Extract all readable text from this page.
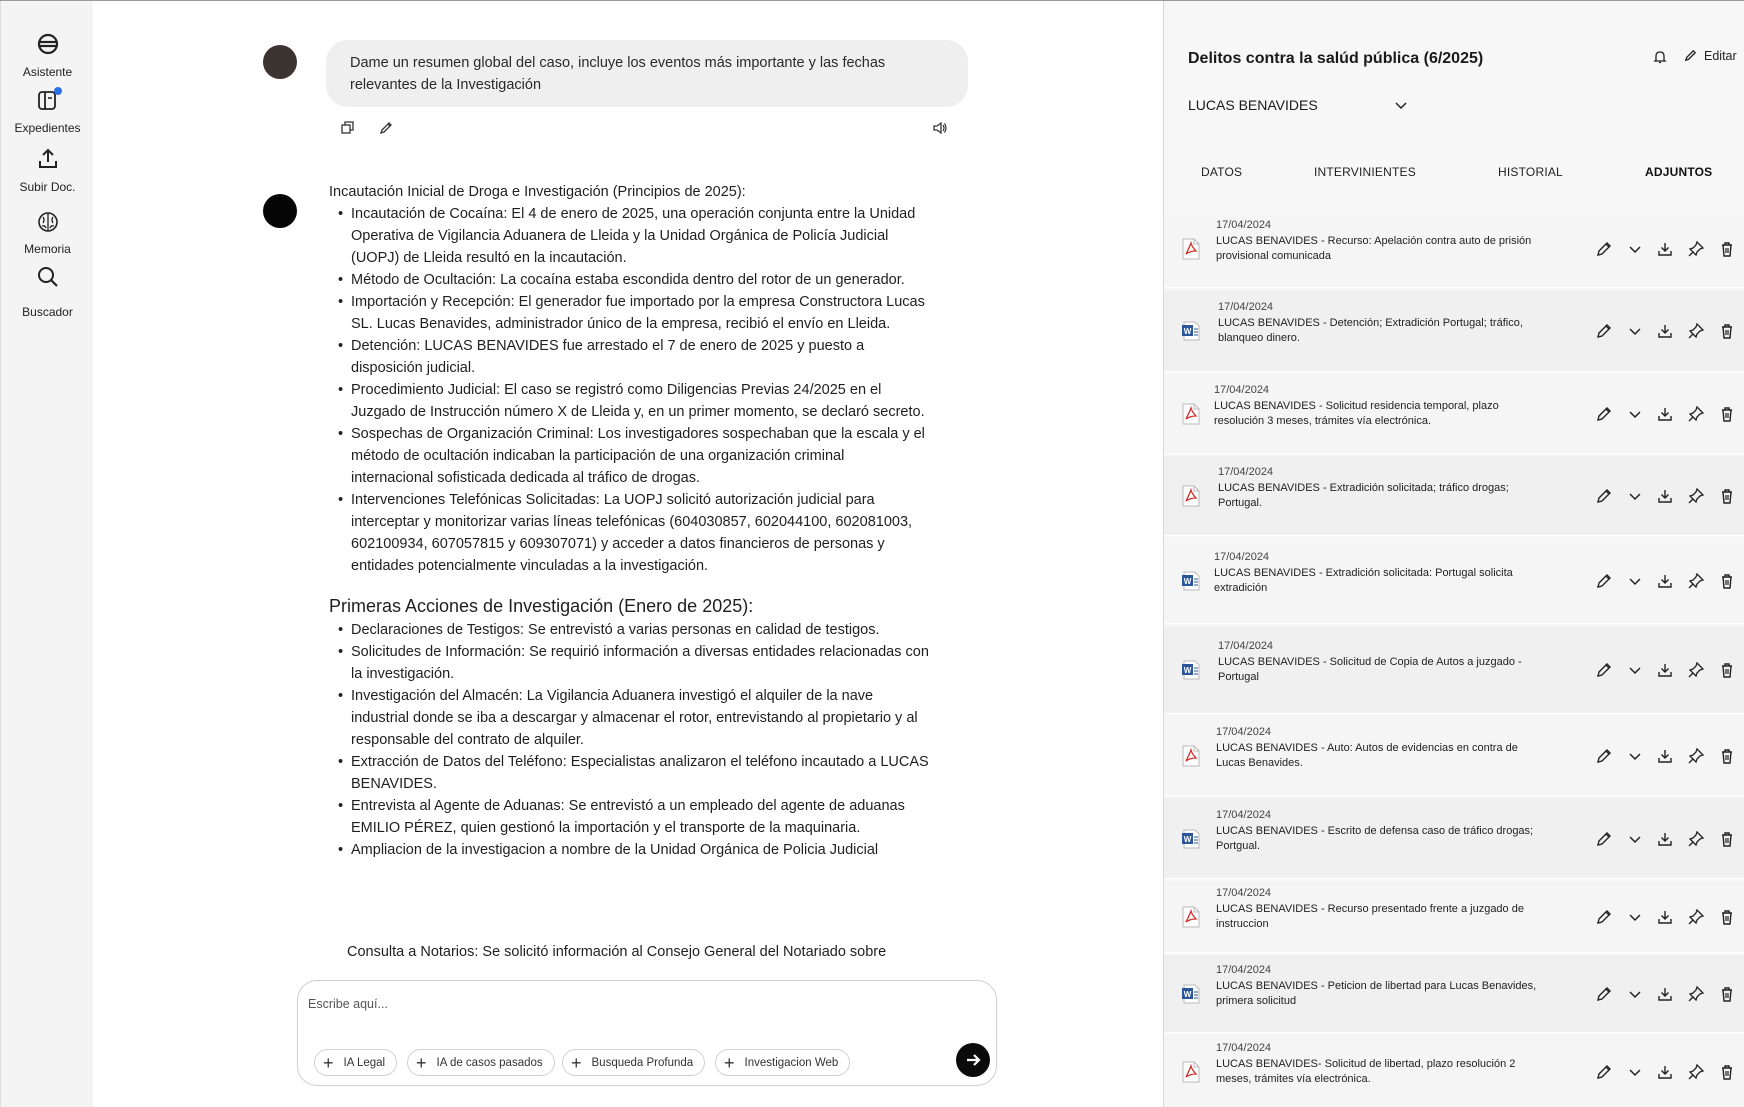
Asistente
Expedientes
Subir Doc.
Memoria
Buscador
Dame un resumen global del caso, incluye los eventos más importante y las fechas relevantes de la Investigación
Incautación Inicial de Droga e Investigación (Principios de 2025):
• Incautación de Cocaína: El 4 de enero de 2025, una operación conjunta entre la Unidad Operativa de Vigilancia Aduanera de Lleida y la Unidad Orgánica de Policía Judicial (UOPJ) de Lleida resultó en la incautación.
• Método de Ocultación: La cocaína estaba escondida dentro del rotor de un generador.
• Importación y Recepción: El generador fue importado por la empresa Constructora Lucas SL. Lucas Benavides, administrador único de la empresa, recibió el envío en Lleida.
• Detención: LUCAS BENAVIDES fue arrestado el 7 de enero de 2025 y puesto a disposición judicial.
• Procedimiento Judicial: El caso se registró como Diligencias Previas 24/2025 en el Juzgado de Instrucción número X de Lleida y, en un primer momento, se declaró secreto.
• Sospechas de Organización Criminal: Los investigadores sospechaban que la escala y el método de ocultación indicaban la participación de una organización criminal internacional sofisticada dedicada al tráfico de drogas.
• Intervenciones Telefónicas Solicitadas: La UOPJ solicitó autorización judicial para interceptar y monitorizar varias líneas telefónicas (604030857, 602044100, 602081003, 602100934, 607057815 y 609307071) y acceder a datos financieros de personas y entidades potencialmente vinculadas a la investigación.
Primeras Acciones de Investigación (Enero de 2025):
• Declaraciones de Testigos: Se entrevistó a varias personas en calidad de testigos.
• Solicitudes de Información: Se requirió información a diversas entidades relacionadas con la investigación.
• Investigación del Almacén: La Vigilancia Aduanera investigó el alquiler de la nave industrial donde se iba a descargar y almacenar el rotor, entrevistando al propietario y al responsable del contrato de alquiler.
• Extracción de Datos del Teléfono: Especialistas analizaron el teléfono incautado a LUCAS BENAVIDES.
• Entrevista al Agente de Aduanas: Se entrevistó a un empleado del agente de aduanas EMILIO PÉREZ, quien gestionó la importación y el transporte de la maquinaria.
• Ampliacion de la investigacion a nombre de la Unidad Orgánica de Policia Judicial
Consulta a Notarios: Se solicitó información al Consejo General del Notariado sobre
Escribe aquí...
+ IA Legal + IA de casos pasados + Busqueda Profunda + Investigacion Web
Delitos contra la salúd pública (6/2025)	Editar
LUCAS BENAVIDES
DATOS	INTERVINIENTES	HISTORIAL	ADJUNTOS
17/04/2024
LUCAS BENAVIDES - Recurso: Apelación contra auto de prisión provisional comunicada
W
17/04/2024
LUCAS BENAVIDES - Detención; Extradición Portugal; tráfico, blanqueo dinero.
17/04/2024
LUCAS BENAVIDES - Solicitud residencia temporal, plazo resolución 3 meses, trámites vía electrónica.
17/04/2024
LUCAS BENAVIDES - Extradición solicitada; tráfico drogas; Portugal.
W
17/04/2024
LUCAS BENAVIDES - Extradición solicitada: Portugal solicita extradición
W
17/04/2024
LUCAS BENAVIDES - Solicitud de Copia de Autos a juzgado - Portugal
17/04/2024
LUCAS BENAVIDES - Auto: Autos de evidencias en contra de Lucas Benavides.
W
17/04/2024
LUCAS BENAVIDES - Escrito de defensa caso de tráfico drogas; Portgual.
17/04/2024
LUCAS BENAVIDES - Recurso presentado frente a juzgado de instruccion
W
17/04/2024
LUCAS BENAVIDES - Peticion de libertad para Lucas Benavides, primera solicitud
17/04/2024
LUCAS BENAVIDES- Solicitud de libertad, plazo resolución 2 meses, trámites vía electrónica.
